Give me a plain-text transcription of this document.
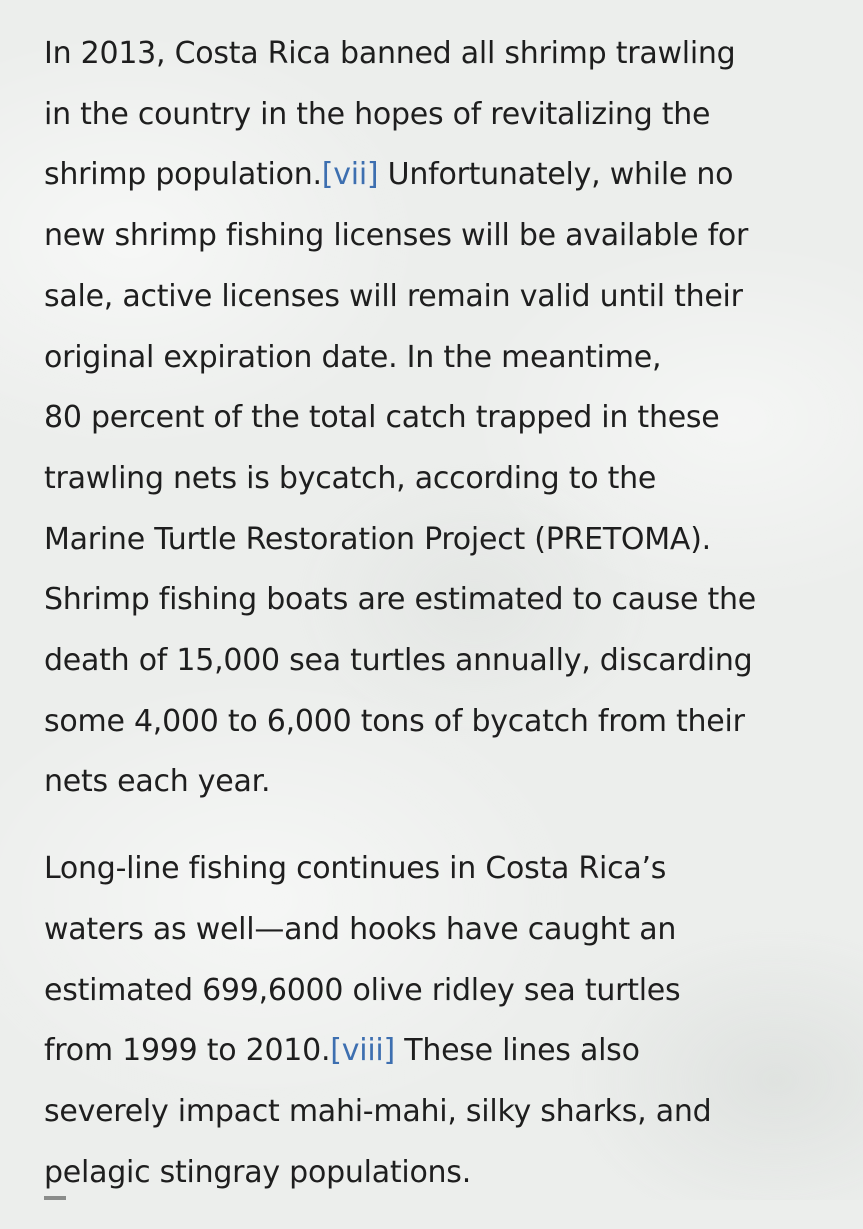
In 2013, Costa Rica banned all shrimp trawling
in the country in the hopes of revitalizing the
shrimp population.[vii] Unfortunately, while no
new shrimp fishing licenses will be available for
sale, active licenses will remain valid until their
original expiration date. In the meantime,
80 percent of the total catch trapped in these
trawling nets is bycatch, according to the
Marine Turtle Restoration Project (PRETOMA).
Shrimp fishing boats are estimated to cause the
death of 15,000 sea turtles annually, discarding
some 4,000 to 6,000 tons of bycatch from their
nets each year.

Long-line fishing continues in Costa Rica’s
waters as well—and hooks have caught an
estimated 699,6000 olive ridley sea turtles
from 1999 to 2010.[viii] These lines also
severely impact mahi-mahi, silky sharks, and
pelagic stingray populations.
